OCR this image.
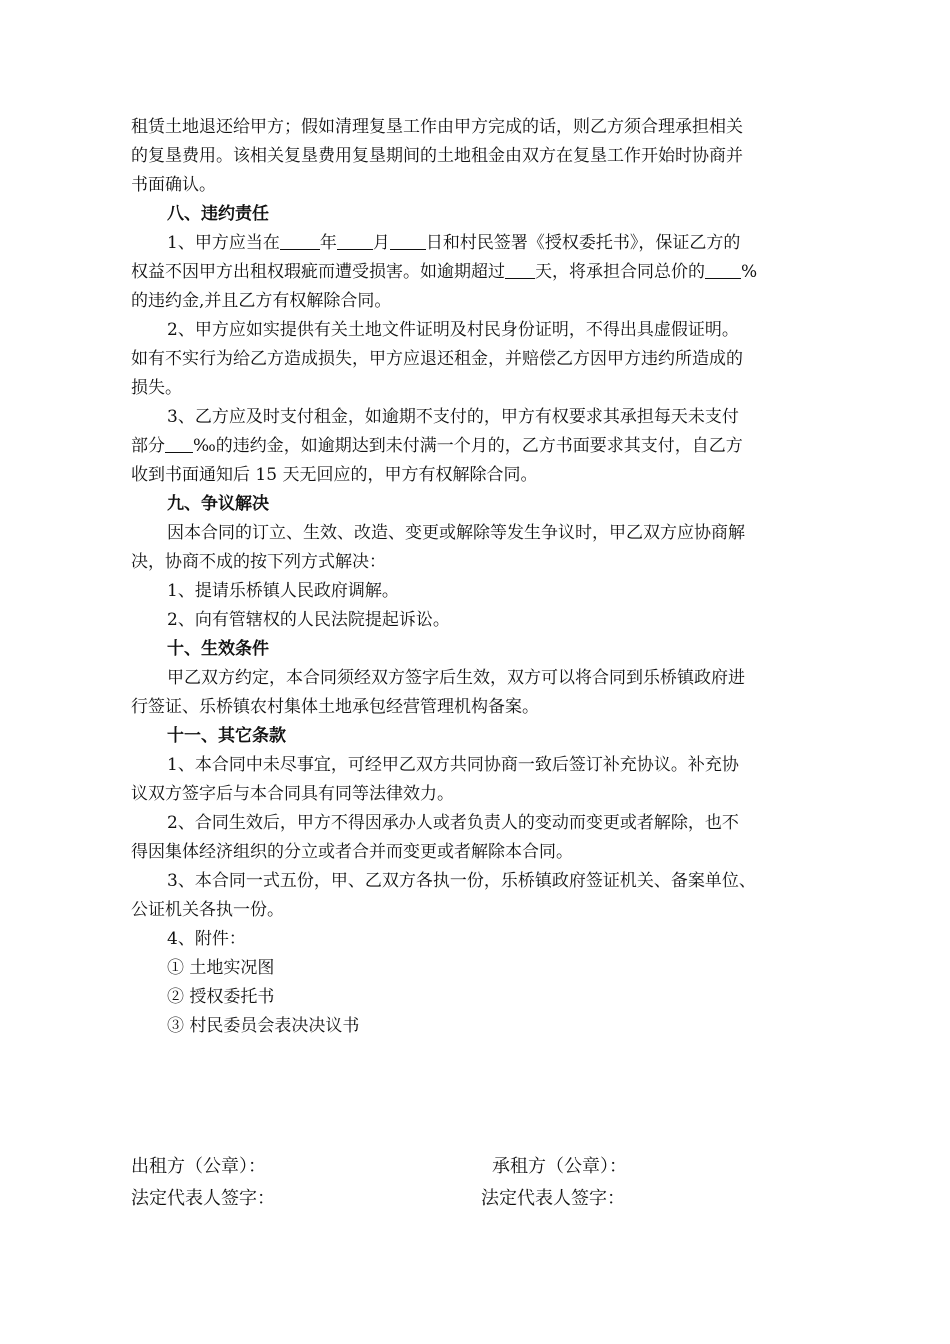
租赁土地退还给甲方；假如清理复垦工作由甲方完成的话，则乙方须合理承担相关
的复垦费用。该相关复垦费用复垦期间的土地租金由双方在复垦工作开始时协商并
书面确认。
八、违约责任
1、甲方应当在 年 月 日和村民签署《授权委托书》，保证乙方的
权益不因甲方出租权瑕疵而遭受损害。如逾期超过 天，将承担合同总价的 %
的违约金,并且乙方有权解除合同。
2、甲方应如实提供有关土地文件证明及村民身份证明，不得出具虚假证明。
如有不实行为给乙方造成损失，甲方应退还租金，并赔偿乙方因甲方违约所造成的
损失。
3、乙方应及时支付租金，如逾期不支付的，甲方有权要求其承担每天未支付
部分 ‰的违约金，如逾期达到未付满一个月的，乙方书面要求其支付，自乙方
收到书面通知后 15 天无回应的，甲方有权解除合同。
九、争议解决
因本合同的订立、生效、改造、变更或解除等发生争议时，甲乙双方应协商解
决，协商不成的按下列方式解决：
1、提请乐桥镇人民政府调解。
2、向有管辖权的人民法院提起诉讼。
十、生效条件
甲乙双方约定，本合同须经双方签字后生效，双方可以将合同到乐桥镇政府进
行签证、乐桥镇农村集体土地承包经营管理机构备案。
十一、其它条款
1、本合同中未尽事宜，可经甲乙双方共同协商一致后签订补充协议。补充协
议双方签字后与本合同具有同等法律效力。
2、合同生效后，甲方不得因承办人或者负责人的变动而变更或者解除，也不
得因集体经济组织的分立或者合并而变更或者解除本合同。
3、本合同一式五份，甲、乙双方各执一份，乐桥镇政府签证机关、备案单位、
公证机关各执一份。
4、附件：
① 土地实况图
② 授权委托书
③ 村民委员会表决决议书
出租方（公章）：	承租方（公章）：
法定代表人签字：	法定代表人签字：
